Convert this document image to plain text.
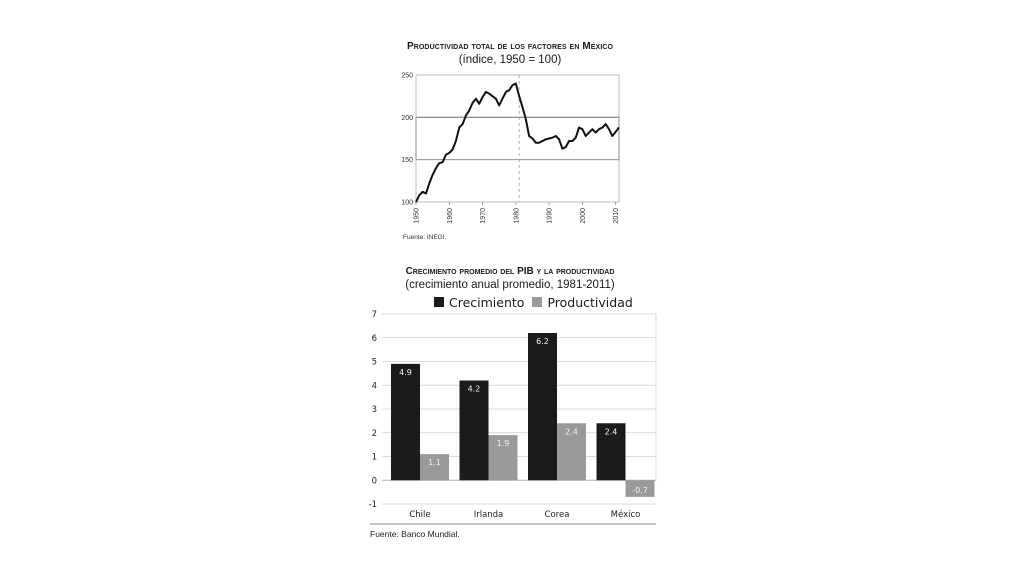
Productividad total de los factores en México
(índice, 1950 = 100)
100
150
200
250
1950	1960	1970	1980	1990	2000	2010
Fuente: INEGI.
Crecimiento promedio del PIB y la productividad
(crecimiento anual promedio, 1981-2011)
Crecimiento Productividad
-1
0
1
2
3
4
5
6
7
4.9
1.1
Chile
4.2
1.9
Irlanda
6.2
2.4
Corea
2.4
-0.7
México
Fuente: Banco Mundial.
